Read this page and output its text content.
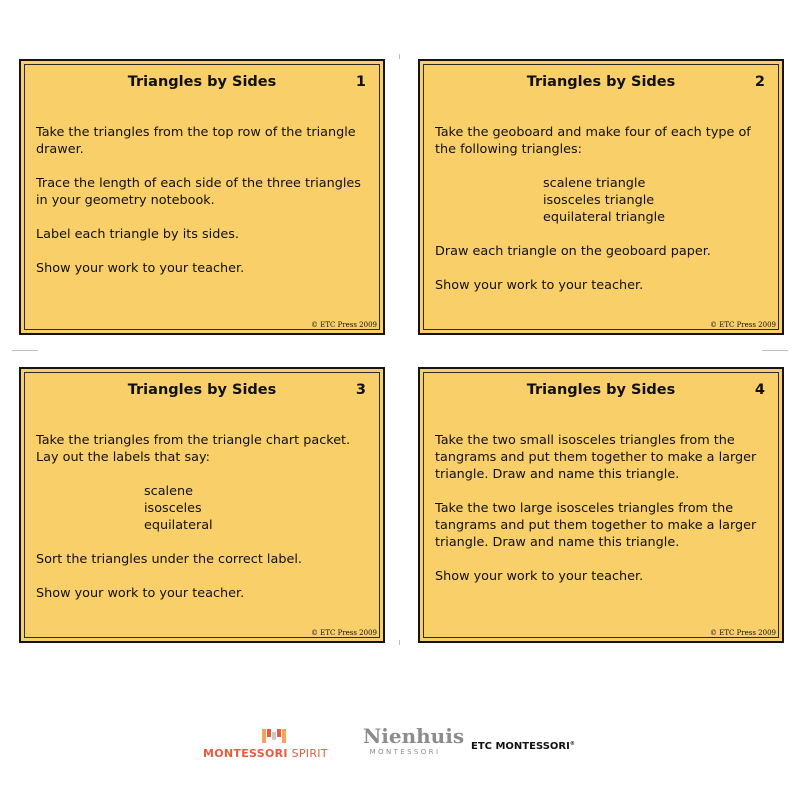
Triangles by Sides	1

Take the triangles from the top row of the triangle drawer.

Trace the length of each side of the three triangles in your geometry notebook.

Label each triangle by its sides.

Show your work to your teacher.

© ETC Press 2009
Triangles by Sides	2

Take the geoboard and make four of each type of the following triangles:

scalene triangle
isosceles triangle
equilateral triangle

Draw each triangle on the geoboard paper.

Show your work to your teacher.

© ETC Press 2009
Triangles by Sides	3

Take the triangles from the triangle chart packet. Lay out the labels that say:

scalene
isosceles
equilateral

Sort the triangles under the correct label.

Show your work to your teacher.

© ETC Press 2009
Triangles by Sides	4

Take the two small isosceles triangles from the tangrams and put them together to make a larger triangle. Draw and name this triangle.

Take the two large isosceles triangles from the tangrams and put them together to make a larger triangle. Draw and name this triangle.

Show your work to your teacher.

© ETC Press 2009
M
MONTESSORI SPIRIT
Nienhuis
MONTESSORI	ETC MONTESSORI®
